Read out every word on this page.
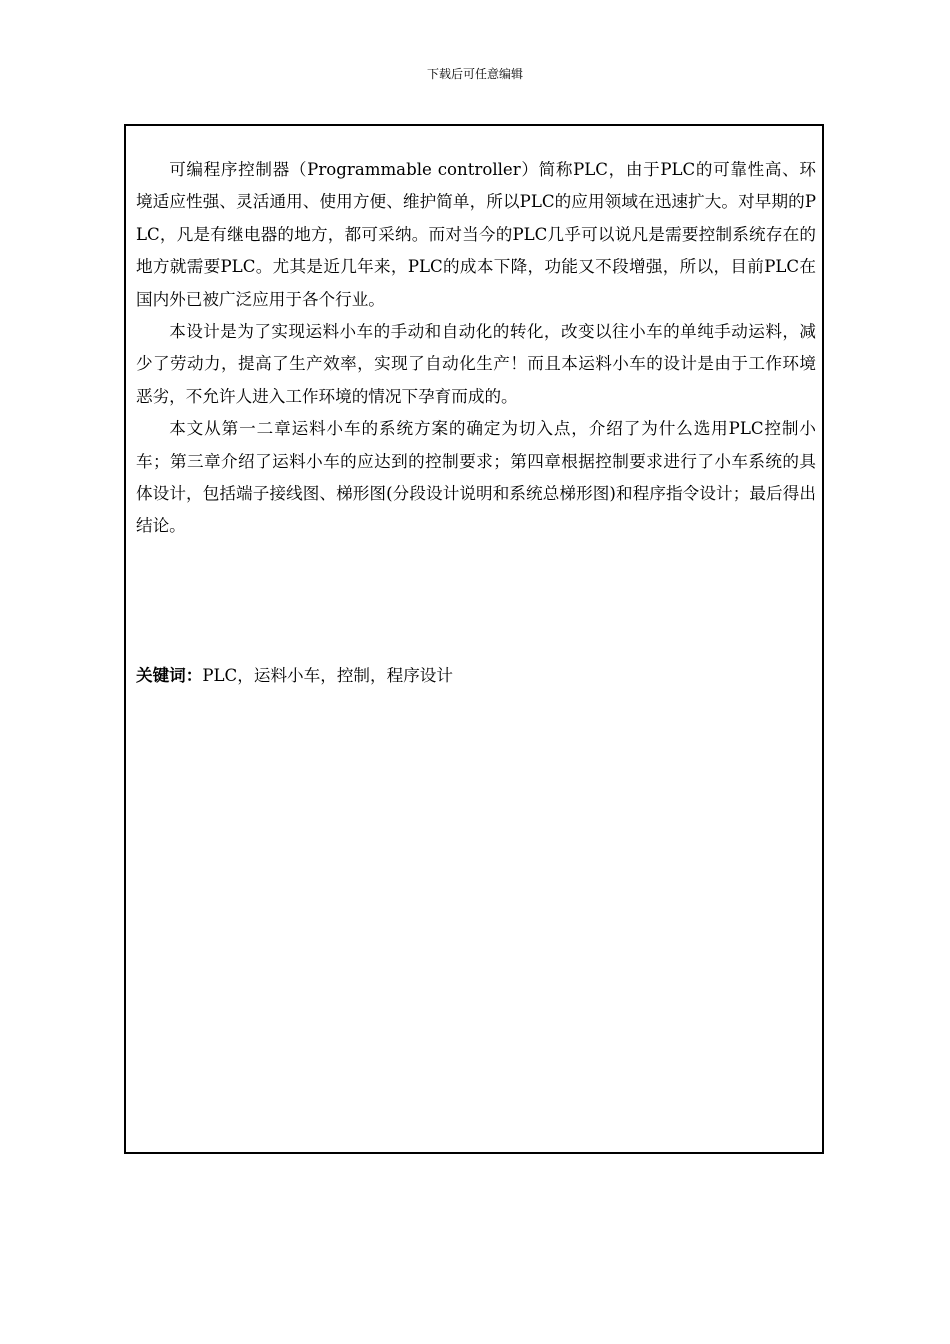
下载后可任意编辑

可编程序控制器（Programmable controller）简称PLC，由于PLC的可靠性高、环境适应性强、灵活通用、使用方便、维护简单，所以PLC的应用领域在迅速扩大。对早期的PLC，凡是有继电器的地方，都可采纳。而对当今的PLC几乎可以说凡是需要控制系统存在的地方就需要PLC。尤其是近几年来，PLC的成本下降，功能又不段增强，所以，目前PLC在国内外已被广泛应用于各个行业。

本设计是为了实现运料小车的手动和自动化的转化，改变以往小车的单纯手动运料，减少了劳动力，提高了生产效率，实现了自动化生产！而且本运料小车的设计是由于工作环境恶劣，不允许人进入工作环境的情况下孕育而成的。

本文从第一二章运料小车的系统方案的确定为切入点，介绍了为什么选用PLC控制小车；第三章介绍了运料小车的应达到的控制要求；第四章根据控制要求进行了小车系统的具体设计，包括端子接线图、梯形图(分段设计说明和系统总梯形图)和程序指令设计；最后得出结论。

关键词：PLC，运料小车，控制，程序设计
